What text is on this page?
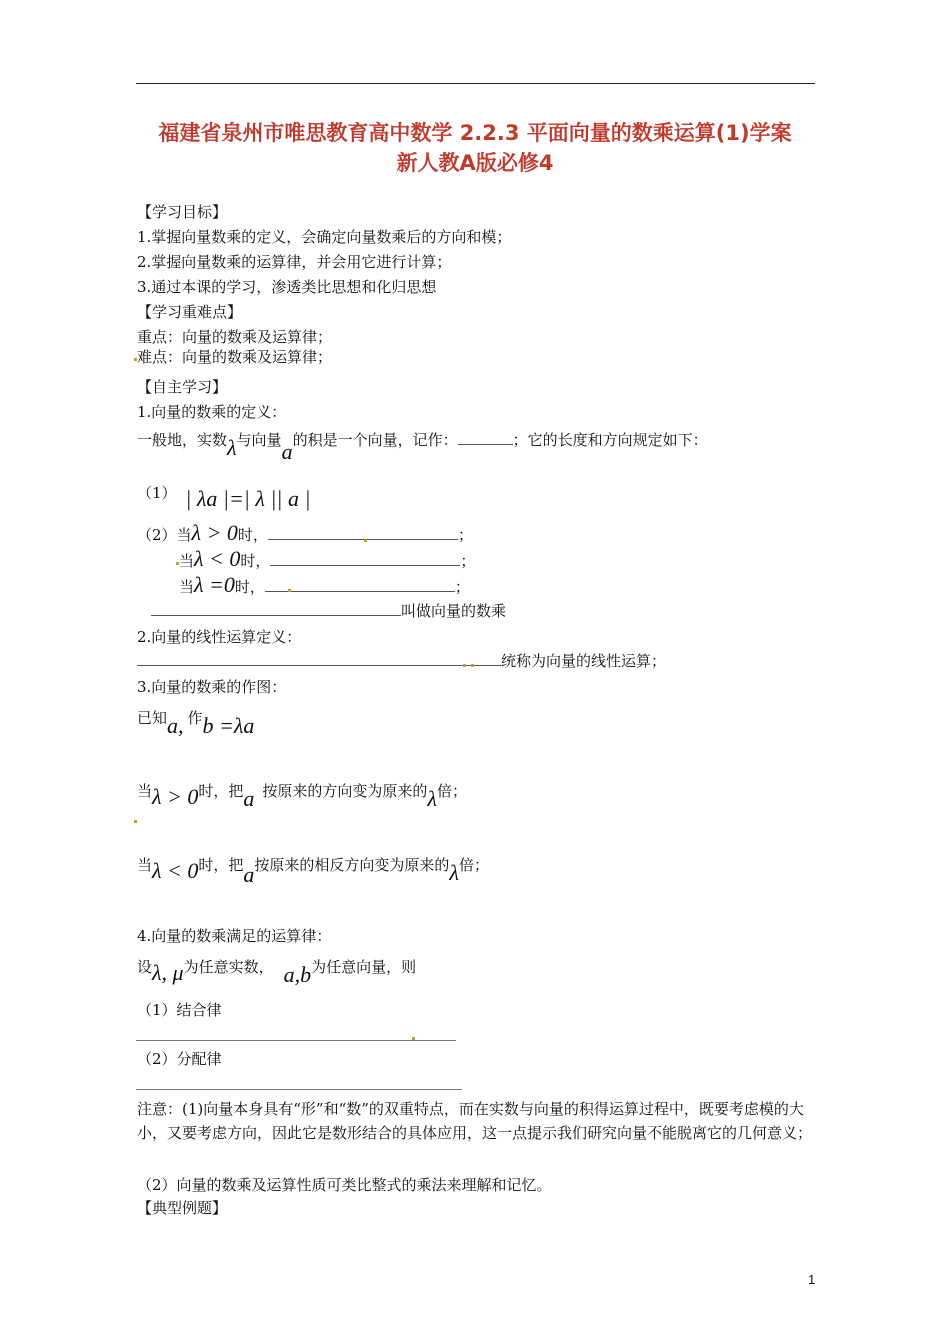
福建省泉州市唯思教育高中数学 2.2.3 平面向量的数乘运算(1)学案
新人教A版必修4
【学习目标】
1.掌握向量数乘的定义，会确定向量数乘后的方向和模；
2.掌握向量数乘的运算律，并会用它进行计算；
3.通过本课的学习，渗透类比思想和化归思想
【学习重难点】
重点：向量的数乘及运算律；
难点：向量的数乘及运算律；
【自主学习】
1.向量的数乘的定义：
一般地，实数λ与向量a的积是一个向量，记作：	；它的长度和方向规定如下：
（1） | λa |=| λ || a |
（2）当λ > 0时，	；
当λ < 0时，	；
当λ =0时，	；
叫做向量的数乘
2.向量的线性运算定义：
统称为向量的线性运算；
3.向量的数乘的作图：
已知a, 作b =λa
当λ > 0时，把a 按原来的方向变为原来的λ倍；
当λ < 0时，把a按原来的相反方向变为原来的λ倍；
4.向量的数乘满足的运算律：
设λ, μ为任意实数， a,b为任意向量，则
（1）结合律
（2）分配律
注意：(1)向量本身具有“形”和“数”的双重特点，而在实数与向量的积得运算过程中，既要考虑模的大小，又要考虑方向，因此它是数形结合的具体应用，这一点提示我们研究向量不能脱离它的几何意义；
（2）向量的数乘及运算性质可类比整式的乘法来理解和记忆。
【典型例题】
1
